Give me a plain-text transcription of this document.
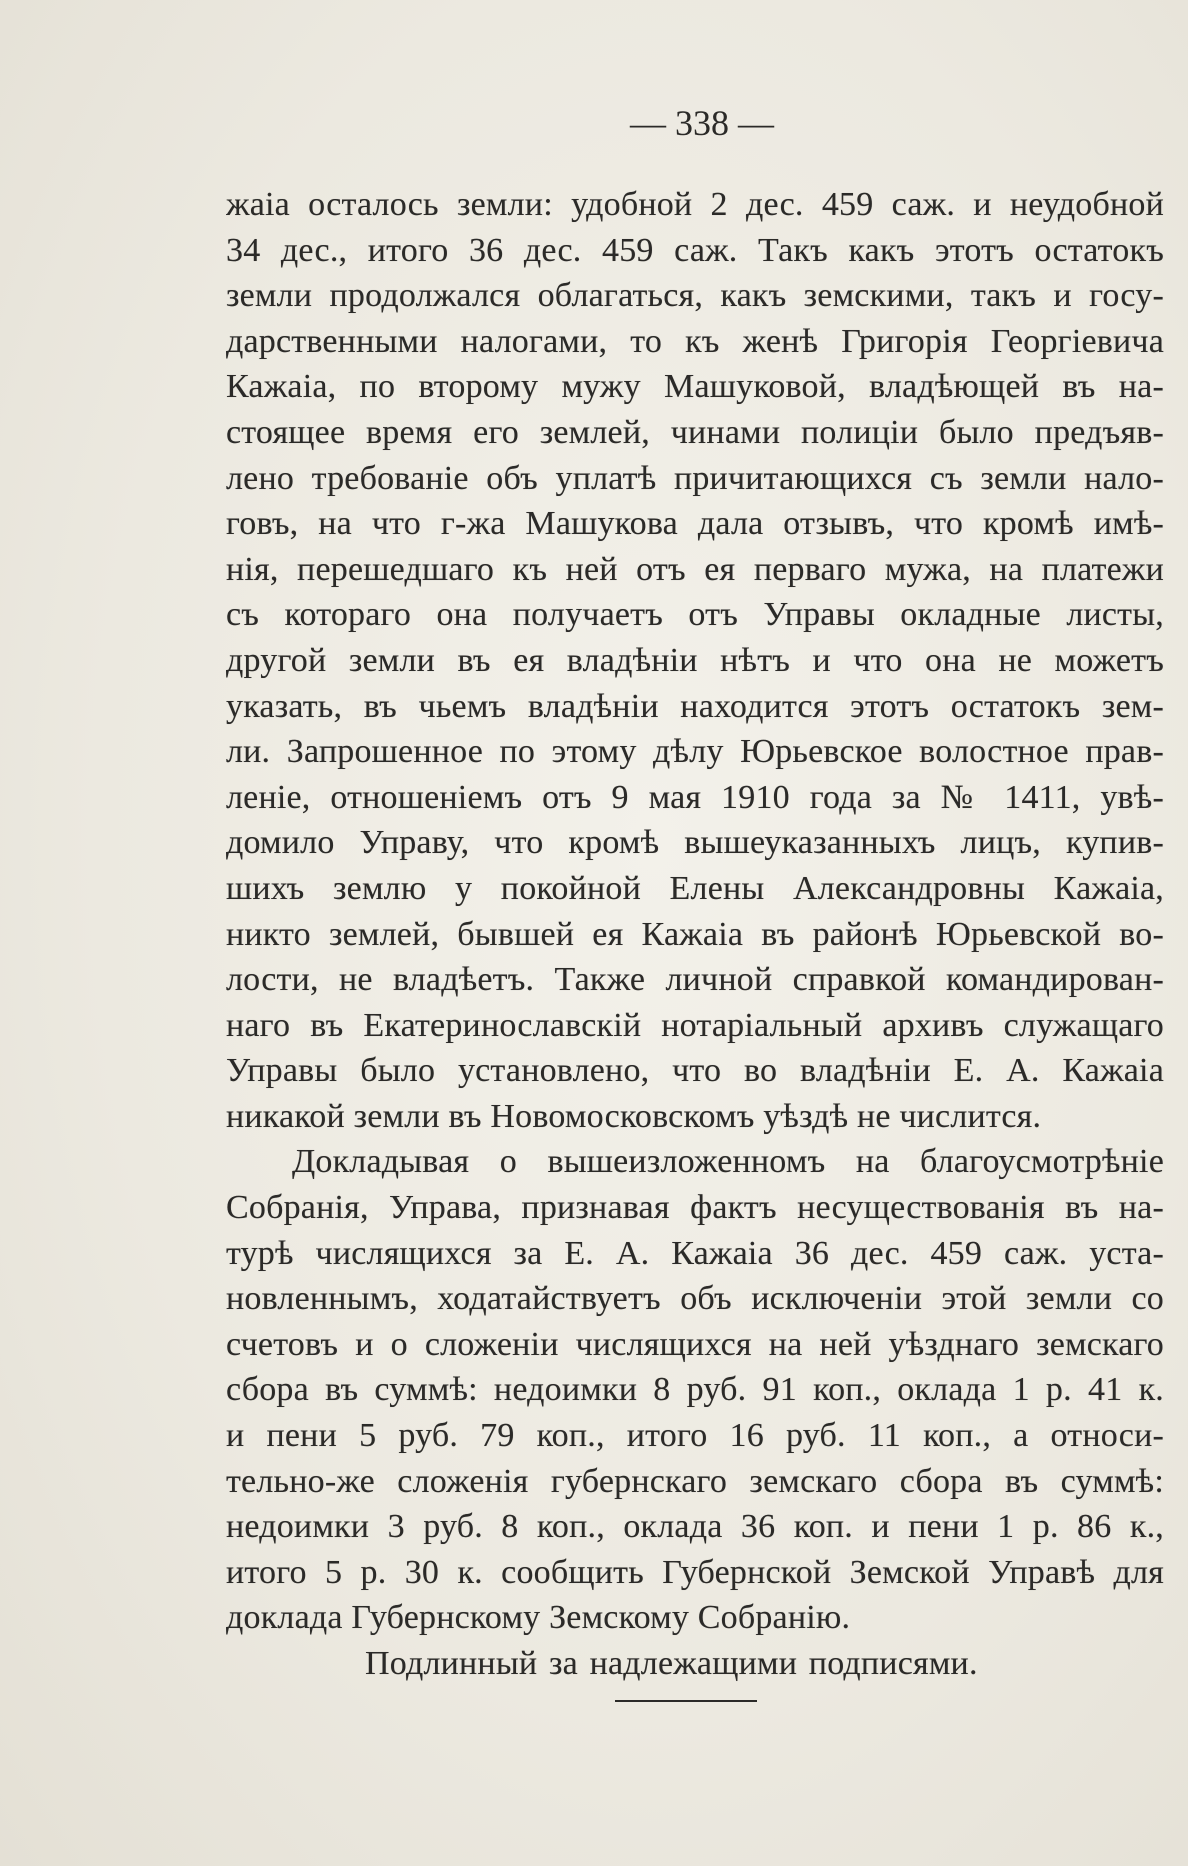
— 338 —
жаіа осталось земли: удобной 2 дес. 459 саж. и неудобной
34 дес., итого 36 дес. 459 саж. Такъ какъ этотъ остатокъ
земли продолжался облагаться, какъ земскими, такъ и госу-
дарственными налогами, то къ женѣ Григорія Георгіевича
Кажаіа, по второму мужу Машуковой, владѣющей въ на-
стоящее время его землей, чинами полиціи было предъяв-
лено требованіе объ уплатѣ причитающихся съ земли нало-
говъ, на что г-жа Машукова дала отзывъ, что кромѣ имѣ-
нія, перешедшаго къ ней отъ ея перваго мужа, на платежи
съ котораго она получаетъ отъ Управы окладные листы,
другой земли въ ея владѣніи нѣтъ и что она не можетъ
указать, въ чьемъ владѣніи находится этотъ остатокъ зем-
ли. Запрошенное по этому дѣлу Юрьевское волостное прав-
леніе, отношеніемъ отъ 9 мая 1910 года за № 1411, увѣ-
домило Управу, что кромѣ вышеуказанныхъ лицъ, купив-
шихъ землю у покойной Елены Александровны Кажаіа,
никто землей, бывшей ея Кажаіа въ районѣ Юрьевской во-
лости, не владѣетъ. Также личной справкой командирован-
наго въ Екатеринославскій нотаріальный архивъ служащаго
Управы было установлено, что во владѣніи Е. А. Кажаіа
никакой земли въ Новомосковскомъ уѣздѣ не числится.
Докладывая о вышеизложенномъ на благоусмотрѣніе
Собранія, Управа, признавая фактъ несуществованія въ на-
турѣ числящихся за Е. А. Кажаіа 36 дес. 459 саж. уста-
новленнымъ, ходатайствуетъ объ исключеніи этой земли со
счетовъ и о сложеніи числящихся на ней уѣзднаго земскаго
сбора въ суммѣ: недоимки 8 руб. 91 коп., оклада 1 р. 41 к.
и пени 5 руб. 79 коп., итого 16 руб. 11 коп., а относи-
тельно-же сложенія губернскаго земскаго сбора въ суммѣ:
недоимки 3 руб. 8 коп., оклада 36 коп. и пени 1 р. 86 к.,
итого 5 р. 30 к. сообщить Губернской Земской Управѣ для
доклада Губернскому Земскому Собранію.
Подлинный за надлежащими подписями.
